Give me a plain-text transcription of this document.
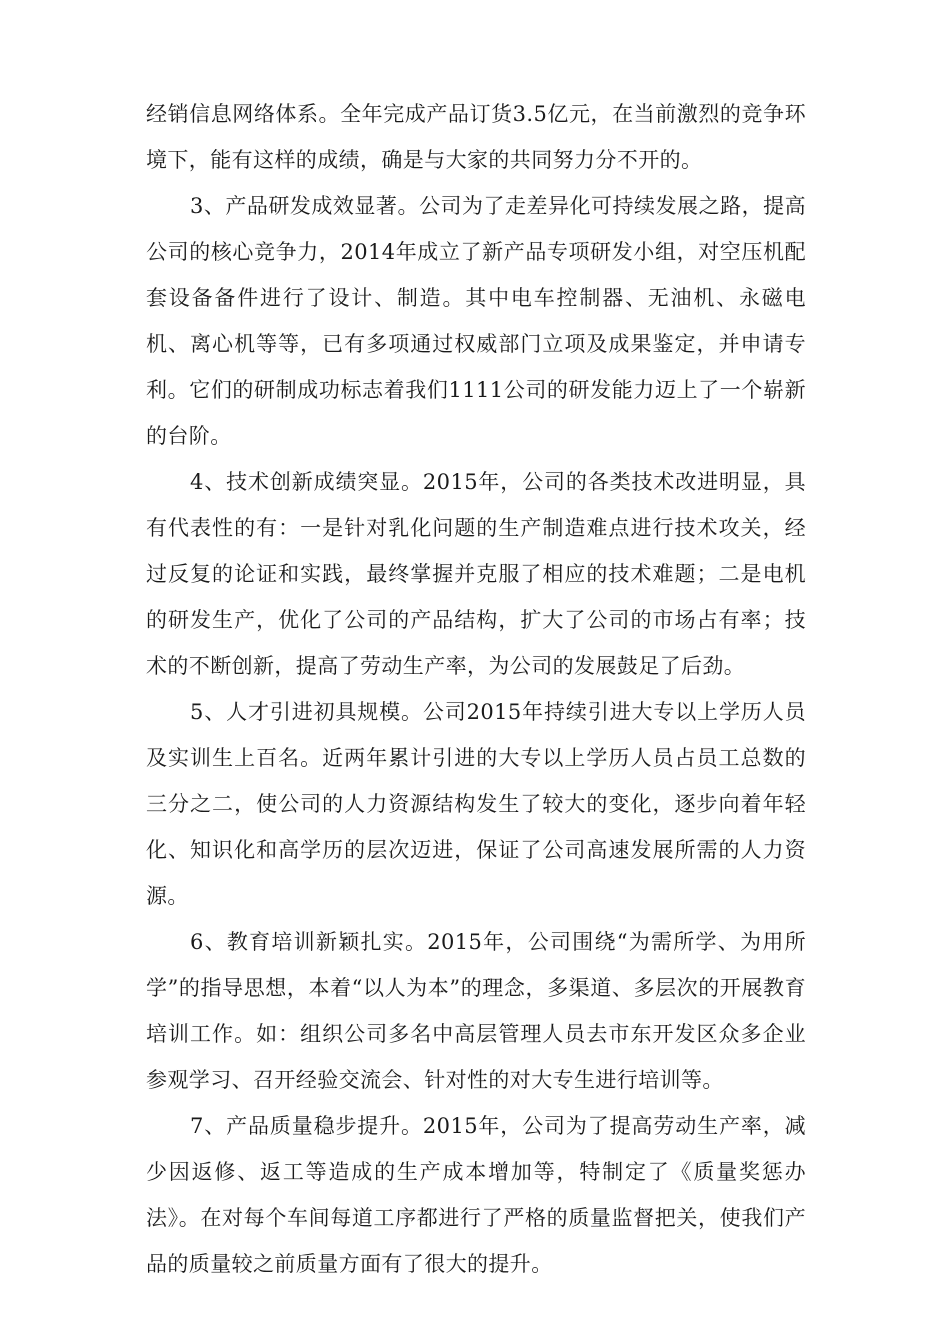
经销信息网络体系。全年完成产品订货3.5亿元，在当前激烈的竞争环境下，能有这样的成绩，确是与大家的共同努力分不开的。

3、产品研发成效显著。公司为了走差异化可持续发展之路，提高公司的核心竞争力，2014年成立了新产品专项研发小组，对空压机配套设备备件进行了设计、制造。其中电车控制器、无油机、永磁电机、离心机等等，已有多项通过权威部门立项及成果鉴定，并申请专利。它们的研制成功标志着我们1111公司的研发能力迈上了一个崭新的台阶。

4、技术创新成绩突显。2015年，公司的各类技术改进明显，具有代表性的有：一是针对乳化问题的生产制造难点进行技术攻关，经过反复的论证和实践，最终掌握并克服了相应的技术难题；二是电机的研发生产，优化了公司的产品结构，扩大了公司的市场占有率；技术的不断创新，提高了劳动生产率，为公司的发展鼓足了后劲。

5、人才引进初具规模。公司2015年持续引进大专以上学历人员及实训生上百名。近两年累计引进的大专以上学历人员占员工总数的三分之二，使公司的人力资源结构发生了较大的变化，逐步向着年轻化、知识化和高学历的层次迈进，保证了公司高速发展所需的人力资源。

6、教育培训新颖扎实。2015年，公司围绕“为需所学、为用所学”的指导思想，本着“以人为本”的理念，多渠道、多层次的开展教育培训工作。如：组织公司多名中高层管理人员去市东开发区众多企业参观学习、召开经验交流会、针对性的对大专生进行培训等。

7、产品质量稳步提升。2015年，公司为了提高劳动生产率，减少因返修、返工等造成的生产成本增加等，特制定了《质量奖惩办法》。在对每个车间每道工序都进行了严格的质量监督把关，使我们产品的质量较之前质量方面有了很大的提升。
